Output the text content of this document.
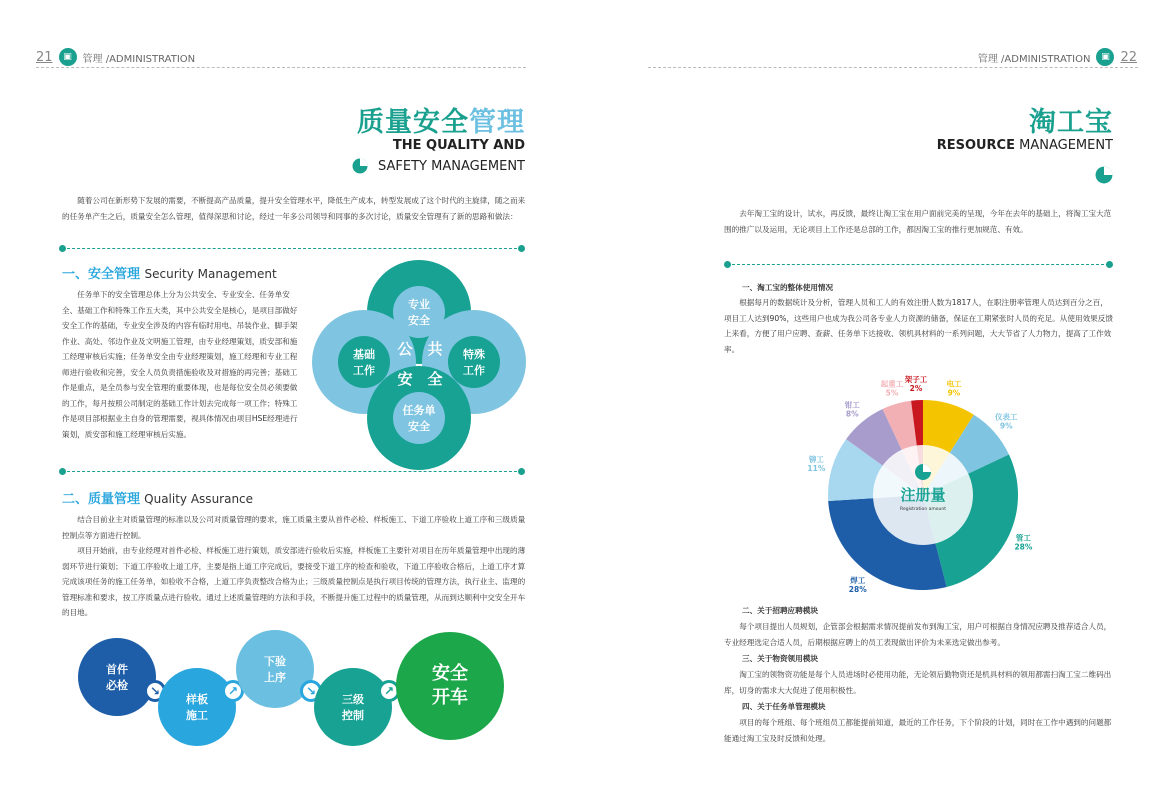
21	▣	管理 /ADMINISTRATION	管理 /ADMINISTRATION	▣ 22
质量安全管理
THE QUALITY AND
SAFETY MANAGEMENT
随着公司在新形势下发展的需要，不断提高产品质量，提升安全管理水平，降低生产成本，转型发展成了这个时代的主旋律，随之而来的任务单产生之后，质量安全怎么管理，值得深思和讨论，经过一年多公司领导和同事的多次讨论，质量安全管理有了新的思路和做法：
一、安全管理 Security Management
任务单下的安全管理总体上分为公共安全、专业安全、任务单安全、基础工作和特殊工作五大类，其中公共安全是核心，是项目部做好安全工作的基础，专业安全涉及的内容有临时用电、吊装作业、脚手架作业、高处、邻边作业及文明施工管理，由专业经理策划，质安部和施工经理审核后实施；任务单安全由专业经理策划，施工经理和专业工程师进行验收和完善，安全人员负责措施验收及对措施的再完善；基础工作是重点，是全员参与安全管理的重要体现，也是每位安全员必须要做的工作，每月按照公司制定的基础工作计划去完成每一项工作；特殊工作是项目部根据业主自身的管理需要，视具体情况由项目HSE经理进行策划，质安部和施工经理审核后实施。
专业
安全
基础
工作
特殊
工作
任务单
安全
公 共
安 全
二、质量管理 Quality Assurance
结合目前业主对质量管理的标准以及公司对质量管理的要求，施工质量主要从首件必检、样板施工、下道工序验收上道工序和三级质量控制点等方面进行控制。
项目开始前，由专业经理对首件必检、样板施工进行策划，质安部进行验收后实施，样板施工主要针对项目在历年质量管理中出现的薄弱环节进行策划；下道工序验收上道工序，主要是指上道工序完成后，要接受下道工序的检查和验收，下道工序验收合格后，上道工序才算完成该项任务的施工任务单，如验收不合格，上道工序负责整改合格为止；三级质量控制点是执行项目传统的管理方法，执行业主、监理的管理标准和要求，按工序质量点进行验收。通过上述质量管理的方法和手段，不断提升施工过程中的质量管理，从而到达顺利中交安全开车的目地。
首件
必检	↘
样板
施工
↗
下验
上序
↘
三级
控制
↗
安全
开车
淘工宝
RESOURCE MANAGEMENT
去年淘工宝的设计，试水，再反馈，最终让淘工宝在用户面前完美的呈现，今年在去年的基础上，将淘工宝大范围的推广以及运用，无论项目上工作还是总部的工作，都因淘工宝的推行更加规范、有效。
一、淘工宝的整体使用情况
根据每月的数据统计及分析，管理人员和工人的有效注册人数为1817人，在职注册率管理人员达到百分之百，项目工人达到90%，这些用户也成为我公司各专业人力资源的储备，保证在工期紧张时人员的充足。从使用效果反馈上来看，方便了用户应聘、查薪、任务单下达接收、领机具材料的一系列问题，大大节省了人力物力，提高了工作效率。
注册量
Registration amount
电工
9%
仪表工
9%
管工
28%
焊工
28%
铆工
11%
钳工
8%
起重工
5%
架子工
2%
二、关于招聘应聘模块
每个项目提出人员规划，企管部会根据需求情况提前发布到淘工宝，用户可根据自身情况应聘及推荐适合人员，专业经理选定合适人员，后期根据应聘上的员工表现做出评价为未来选定做出参考。
三、关于物资领用模块
淘工宝的领物资功能是每个人员进场时必使用功能，无论领后勤物资还是机具材料的领用都需扫淘工宝二维码出库，切身的需求大大促进了使用积极性。
四、关于任务单管理模块
项目的每个班组、每个班组员工都能提前知道，最近的工作任务，下个阶段的计划，同时在工作中遇到的问题都能通过淘工宝及时反馈和处理。
